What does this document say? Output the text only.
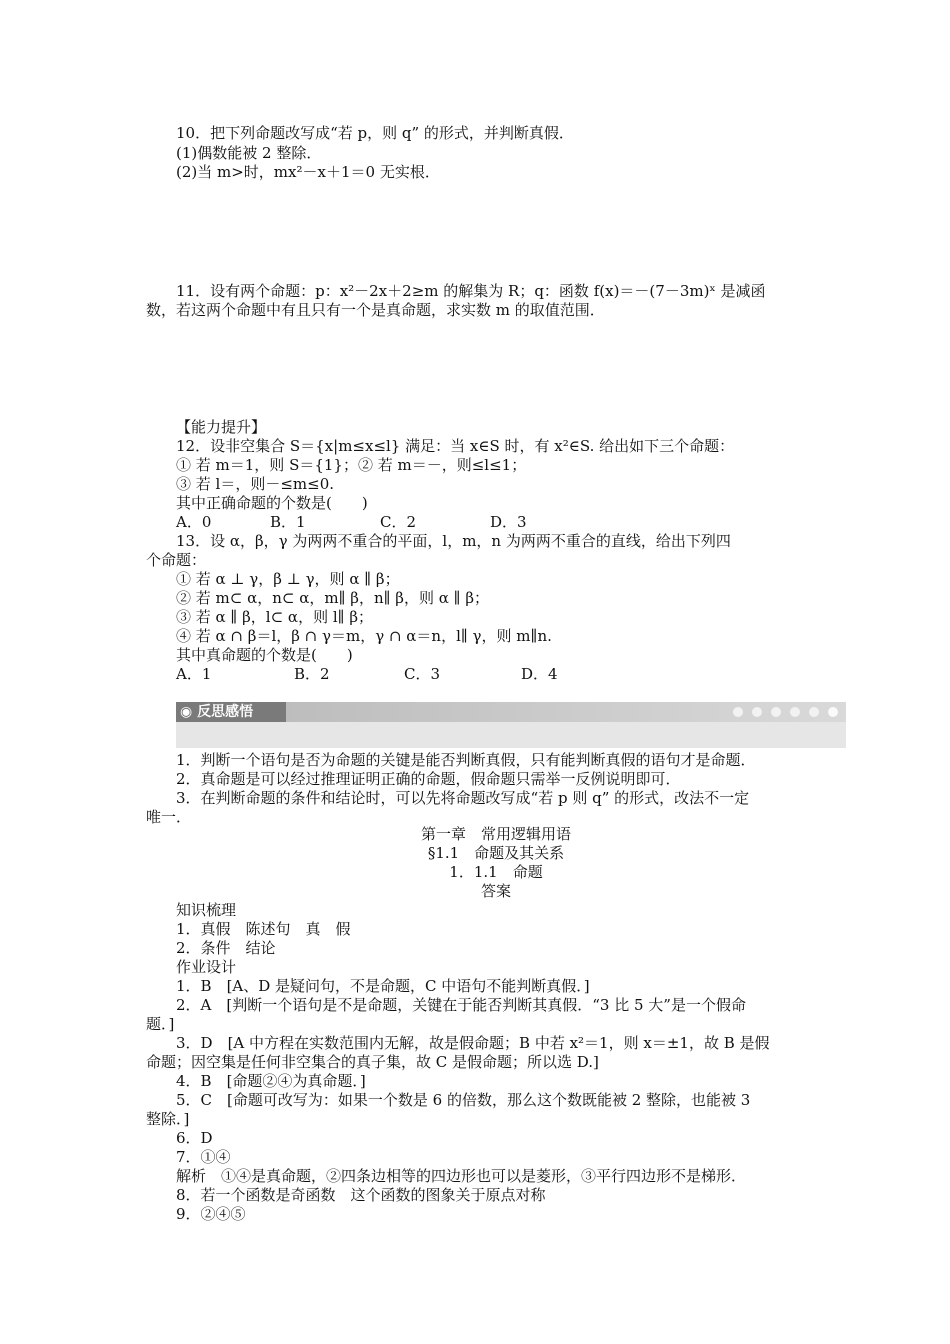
10．把下列命题改写成“若 p，则 q” 的形式，并判断真假．
(1)偶数能被 2 整除．
(2)当 m>时，mx²－x＋1＝0 无实根．
11．设有两个命题：p：x²－2x＋2≥m 的解集为 R；q：函数 f(x)＝－(7－3m)ˣ 是减函
数，若这两个命题中有且只有一个是真命题，求实数 m 的取值范围．
【能力提升】
12．设非空集合 S＝{x|m≤x≤l} 满足：当 x∈S 时，有 x²∈S. 给出如下三个命题：
① 若 m＝1，则 S＝{1}；② 若 m＝－，则≤l≤1；
③ 若 l＝，则－≤m≤0.
其中正确命题的个数是(　　)
A．0	B．1	C．2	D．3
13．设 α，β，γ 为两两不重合的平面，l，m，n 为两两不重合的直线，给出下列四
个命题：
① 若 α ⊥ γ，β ⊥ γ，则 α ∥ β；
② 若 m⊂ α，n⊂ α，m∥ β，n∥ β，则 α ∥ β；
③ 若 α ∥ β，l⊂ α，则 l∥ β；
④ 若 α ∩ β＝l，β ∩ γ＝m，γ ∩ α＝n，l∥ γ，则 m∥n.
其中真命题的个数是(　　)
A．1	B．2	C．3	D．4
◉ 反思感悟
1．判断一个语句是否为命题的关键是能否判断真假，只有能判断真假的语句才是命题．
2．真命题是可以经过推理证明正确的命题，假命题只需举一反例说明即可．
3．在判断命题的条件和结论时，可以先将命题改写成“若 p 则 q” 的形式，改法不一定
唯一．
第一章　常用逻辑用语
§1.1　命题及其关系
1．1.1　命题
答案
知识梳理
1．真假　陈述句　真　假
2．条件　结论
作业设计
1．B　[A、D 是疑问句，不是命题，C 中语句不能判断真假．]
2．A　[判断一个语句是不是命题，关键在于能否判断其真假．“3 比 5 大”是一个假命
题．]
3．D　[A 中方程在实数范围内无解，故是假命题；B 中若 x²＝1，则 x＝±1，故 B 是假
命题；因空集是任何非空集合的真子集，故 C 是假命题；所以选 D.]
4．B　[命题②④为真命题．]
5．C　[命题可改写为：如果一个数是 6 的倍数，那么这个数既能被 2 整除，也能被 3
整除．]
6．D
7．①④
解析　①④是真命题，②四条边相等的四边形也可以是菱形，③平行四边形不是梯形．
8．若一个函数是奇函数　这个函数的图象关于原点对称
9．②④⑤
